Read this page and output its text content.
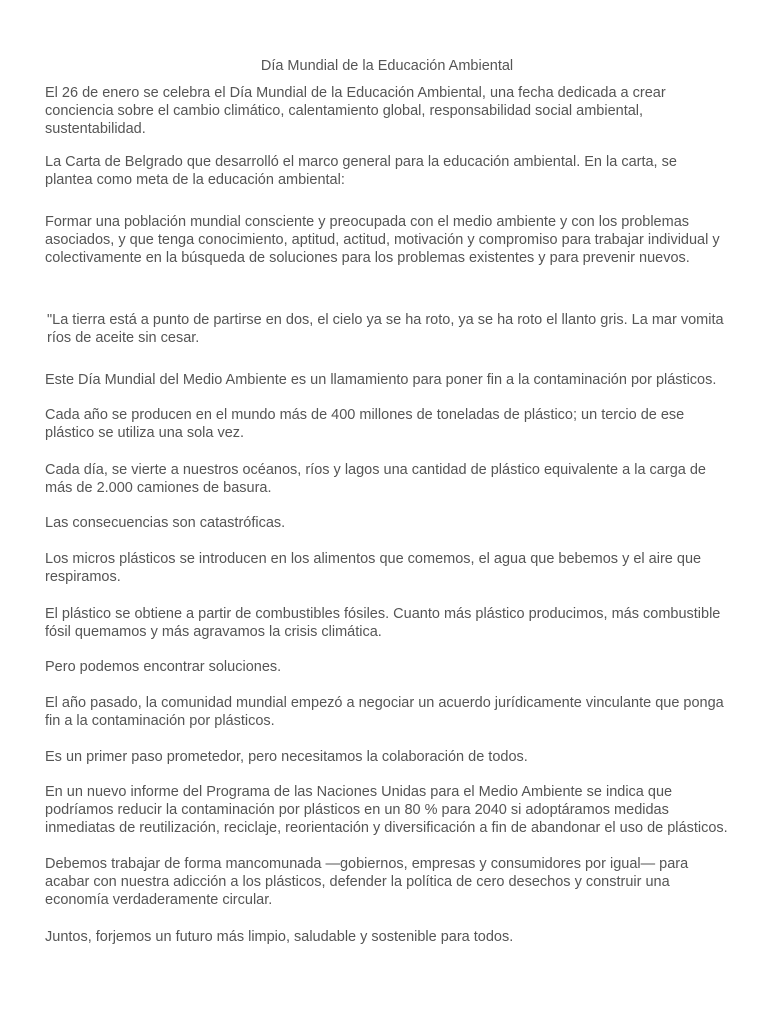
Día Mundial de la Educación Ambiental
El 26 de enero se celebra el Día Mundial de la Educación Ambiental, una fecha dedicada a crear conciencia sobre el cambio climático, calentamiento global, responsabilidad social ambiental, sustentabilidad.
La Carta de Belgrado que desarrolló el marco general para la educación ambiental. En la carta, se plantea como meta de la educación ambiental:
Formar una población mundial consciente y preocupada con el medio ambiente y con los problemas asociados, y que tenga conocimiento, aptitud, actitud, motivación y compromiso para trabajar individual y colectivamente en la búsqueda de soluciones para los problemas existentes y para prevenir nuevos.
"La tierra está a punto de partirse en dos, el cielo ya se ha roto, ya se ha roto el llanto gris. La mar vomita ríos de aceite sin cesar.
Este Día Mundial del Medio Ambiente es un llamamiento para poner fin a la contaminación por plásticos.
Cada año se producen en el mundo más de 400 millones de toneladas de plástico; un tercio de ese plástico se utiliza una sola vez.
Cada día, se vierte a nuestros océanos, ríos y lagos una cantidad de plástico equivalente a la carga de más de 2.000 camiones de basura.
Las consecuencias son catastróficas.
Los micros plásticos se introducen en los alimentos que comemos, el agua que bebemos y el aire que respiramos.
El plástico se obtiene a partir de combustibles fósiles. Cuanto más plástico producimos, más combustible fósil quemamos y más agravamos la crisis climática.
Pero podemos encontrar soluciones.
El año pasado, la comunidad mundial empezó a negociar un acuerdo jurídicamente vinculante que ponga fin a la contaminación por plásticos.
Es un primer paso prometedor, pero necesitamos la colaboración de todos.
En un nuevo informe del Programa de las Naciones Unidas para el Medio Ambiente se indica que podríamos reducir la contaminación por plásticos en un 80 % para 2040 si adoptáramos medidas inmediatas de reutilización, reciclaje, reorientación y diversificación a fin de abandonar el uso de plásticos.
Debemos trabajar de forma mancomunada —gobiernos, empresas y consumidores por igual— para acabar con nuestra adicción a los plásticos, defender la política de cero desechos y construir una economía verdaderamente circular.
Juntos, forjemos un futuro más limpio, saludable y sostenible para todos.
